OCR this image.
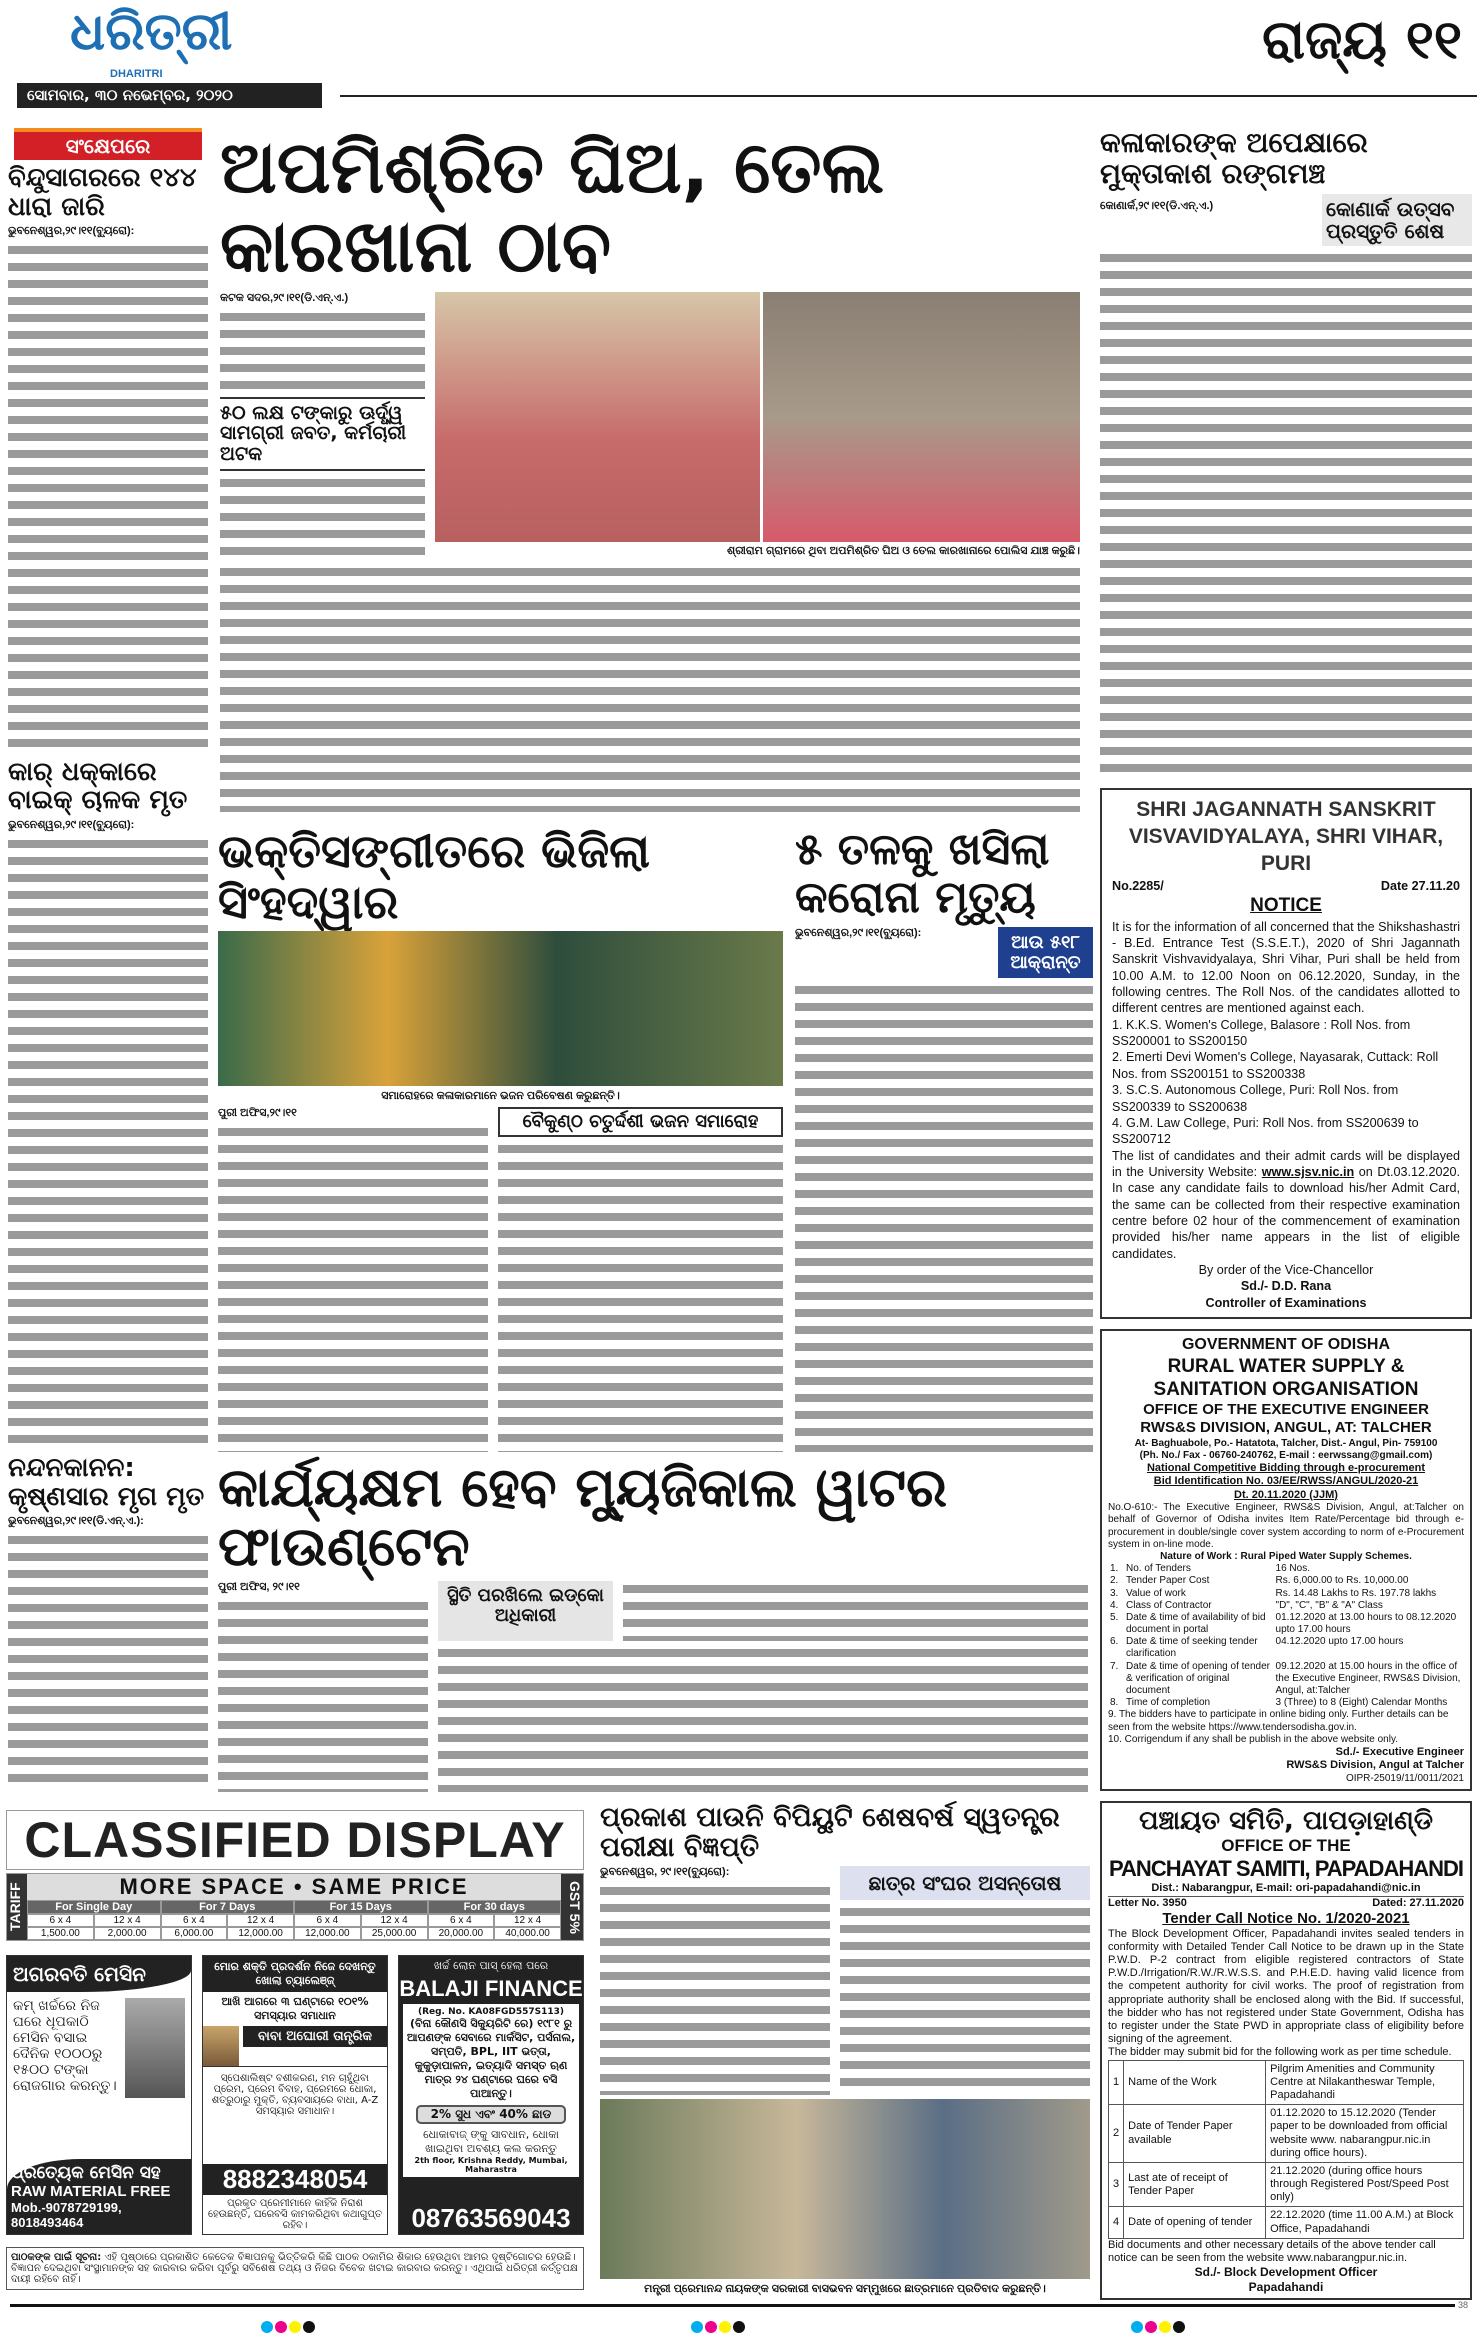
ଧରିତ୍ରୀ
DHARITRI
ସୋମବାର, ୩୦ ନଭେମ୍ବର, ୨୦୨୦
ରାଜ୍ୟ ୧୧
ସଂକ୍ଷେପରେ
ବିନ୍ଦୁସାଗରରେ ୧୪୪ ଧାରା ଜାରି
ଭୁବନେଶ୍ୱର,୨୯।୧୧(ବ୍ୟୁରୋ):
କାର୍ ଧକ୍କାରେ ବାଇକ୍ ଚାଳକ ମୃତ
ଭୁବନେଶ୍ୱର,୨୯।୧୧(ବ୍ୟୁରୋ):
ନନ୍ଦନକାନନ: କୃଷ୍ଣସାର ମୃଗ ମୃତ
ଭୁବନେଶ୍ୱର,୨୯।୧୧(ଡି.ଏନ୍.ଏ.):
ଅପମିଶ୍ରିତ ଘିଅ, ତେଲ କାରଖାନା ଠାବ
କଟକ ସଦର,୨୯।୧୧(ଡି.ଏନ୍.ଏ.)
୫୦ ଲକ୍ଷ ଟଙ୍କାରୁ ଊର୍ଦ୍ଧ୍ୱ ସାମଗ୍ରୀ ଜବତ, କର୍ମଚାରୀ ଅଟକ
ଶ୍ରୀରାମ ଗ୍ରାମରେ ଥିବା ଅପମିଶ୍ରିତ ଘିଅ ଓ ତେଲ କାରଖାନାରେ ପୋଲିସ ଯାଞ୍ଚ କରୁଛି।
କଳାକାରଙ୍କ ଅପେକ୍ଷାରେ ମୁକ୍ତାକାଶ ରଙ୍ଗମଞ୍ଚ
କୋଣାର୍କ,୨୯।୧୧(ଡି.ଏନ୍.ଏ.)	କୋଣାର୍କ ଉତ୍ସବ ପ୍ରସ୍ତୁତି ଶେଷ
SHRI JAGANNATH SANSKRIT
VISVAVIDYALAYA, SHRI VIHAR, PURI
No.2285/	Date 27.11.20
NOTICE
It is for the information of all concerned that the Shikshashastri - B.Ed. Entrance Test (S.S.E.T.), 2020 of Shri Jagannath Sanskrit Vishvavidyalaya, Shri Vihar, Puri shall be held from 10.00 A.M. to 12.00 Noon on 06.12.2020, Sunday, in the following centres. The Roll Nos. of the candidates allotted to different centres are mentioned against each.
1. K.K.S. Women's College, Balasore : Roll Nos. from SS200001 to SS200150
2. Emerti Devi Women's College, Nayasarak, Cuttack: Roll Nos. from SS200151 to SS200338
3. S.C.S. Autonomous College, Puri: Roll Nos. from SS200339 to SS200638
4. G.M. Law College, Puri: Roll Nos. from SS200639 to SS200712
The list of candidates and their admit cards will be displayed in the University Website: www.sjsv.nic.in on Dt.03.12.2020. In case any candidate fails to download his/her Admit Card, the same can be collected from their respective examination centre before 02 hour of the commencement of examination provided his/her name appears in the list of eligible candidates.
By order of the Vice-Chancellor
Sd./- D.D. Rana
Controller of Examinations
GOVERNMENT OF ODISHA
RURAL WATER SUPPLY &
SANITATION ORGANISATION
OFFICE OF THE EXECUTIVE ENGINEER
RWS&S DIVISION, ANGUL, AT: TALCHER
At- Baghuabole, Po.- Hatatota, Talcher, Dist.- Angul, Pin- 759100
(Ph. No./ Fax - 06760-240762, E-mail : eerwssang@gmail.com)
National Competitive Bidding through e-procurement
Bid Identification No. 03/EE/RWSS/ANGUL/2020-21
Dt. 20.11.2020 (JJM)
No.O-610:- The Executive Engineer, RWS&S Division, Angul, at:Talcher on behalf of Governor of Odisha invites Item Rate/Percentage bid through e-procurement in double/single cover system according to norm of e-Procurement system in on-line mode.
Nature of Work : Rural Piped Water Supply Schemes.
1.	No. of Tenders	16 Nos.
2.	Tender Paper Cost	Rs. 6,000.00 to Rs. 10,000.00
3.	Value of work	Rs. 14.48 Lakhs to Rs. 197.78 lakhs
4.	Class of Contractor	"D", "C", "B" & "A" Class
5.	Date & time of availability of bid document in portal	01.12.2020 at 13.00 hours to 08.12.2020 upto 17.00 hours
6.	Date & time of seeking tender clarification	04.12.2020 upto 17.00 hours
7.	Date & time of opening of tender & verification of original document	09.12.2020 at 15.00 hours in the office of the Executive Engineer, RWS&S Division, Angul, at:Talcher
8.	Time of completion	3 (Three) to 8 (Eight) Calendar Months
9. The bidders have to participate in online biding only. Further details can be seen from the website https://www.tendersodisha.gov.in.
10. Corrigendum if any shall be publish in the above website only.
Sd./- Executive Engineer
RWS&S Division, Angul at Talcher
OIPR-25019/11/0011/2021
ପଞ୍ଚାୟତ ସମିତି, ପାପଡ଼ାହାଣ୍ଡି
OFFICE OF THE
PANCHAYAT SAMITI, PAPADAHANDI
Dist.: Nabarangpur, E-mail: ori-papadahandi@nic.in
Letter No. 3950	Dated: 27.11.2020
Tender Call Notice No. 1/2020-2021
The Block Development Officer, Papadahandi invites sealed tenders in conformity with Detailed Tender Call Notice to be drawn up in the State P.W.D. P-2 contract from eligible registered contractors of State P.W.D./Irrigation/R.W./R.W.S.S. and P.H.E.D. having valid licence from the competent authority for civil works. The proof of registration from appropriate authority shall be enclosed along with the Bid. If successful, the bidder who has not registered under State Government, Odisha has to register under the State PWD in appropriate class of eligibility before signing of the agreement.
The bidder may submit bid for the following work as per time schedule.
1	Name of the Work	Pilgrim Amenities and Community Centre at Nilakantheswar Temple, Papadahandi
2	Date of Tender Paper available	01.12.2020 to 15.12.2020 (Tender paper to be downloaded from official website www. nabarangpur.nic.in during office hours).
3	Last ate of receipt of Tender Paper	21.12.2020 (during office hours through Registered Post/Speed Post only)
4	Date of opening of tender	22.12.2020 (time 11.00 A.M.) at Block Office, Papadahandi
Bid documents and other necessary details of the above tender call notice can be seen from the website www.nabarangpur.nic.in.
Sd./- Block Development Officer
Papadahandi
ଭକ୍ତିସଙ୍ଗୀତରେ ଭିଜିଲା ସିଂହଦ୍ୱାର
ସମାରୋହରେ କଳାକାରମାନେ ଭଜନ ପରିବେଷଣ କରୁଛନ୍ତି।
ପୁରୀ ଅଫିସ,୨୯।୧୧	ବୈକୁଣ୍ଠ ଚତୁର୍ଦ୍ଦଶୀ ଭଜନ ସମାରୋହ
୫ ତଳକୁ ଖସିଲା କରୋନା ମୃତ୍ୟୁ
ଭୁବନେଶ୍ୱର,୨୯।୧୧(ବ୍ୟୁରୋ):	ଆଉ ୫୧୮ ଆକ୍ରାନ୍ତ
କାର୍ଯ୍ୟକ୍ଷମ ହେବ ମ୍ୟୁଜିକାଲ ୱାଟର ଫାଉଣ୍ଟେନ
ପୁରୀ ଅଫିସ, ୨୯।୧୧	ସ୍ଥିତି ପରଖିଲେ ଇଡ୍‌କୋ ଅଧିକାରୀ
CLASSIFIED DISPLAY
TARIFF	MORE SPACE • SAME PRICE
For Single Day	For 7 Days	For 15 Days	For 30 days
6 x 4	12 x 4	6 x 4	12 x 4	6 x 4	12 x 4	6 x 4	12 x 4
1,500.00	2,000.00	6,000.00	12,000.00	12,000.00	25,000.00	20,000.00	40,000.00
GST 5%
ଅଗରବତି ମେସିନ
କମ୍ ଖର୍ଚ୍ଚରେ ନିଜ ଘରେ ଧୂପକାଠି ମେସିନ ବସାଇ ଦୈନିକ ୧୦୦୦ରୁ ୧୫୦୦ ଟଙ୍କା ରୋଜଗାର କରନ୍ତୁ।
ପ୍ରତ୍ୟେକ ମେସିନ ସହ
RAW MATERIAL FREE
Mob.-9078729199, 8018493464
ମୋର ଶକ୍ତି ପ୍ରଦର୍ଶନ ନିଜେ ଦେଖନ୍ତୁ ଖୋଲା ଚ୍ୟାଲେଞ୍ଜ୍
ଆଖି ଆଗରେ ୩ ଘଣ୍ଟାରେ ୧୦୧% ସମସ୍ୟାର ସମାଧାନ
ବାବା ଅଘୋରୀ ତାନ୍ତ୍ରିକ
ସ୍ପେଶାଲିଷ୍ଟ ବଶୀକରଣ, ମନ ଚାହୁଁଥିବା ପ୍ରେମ, ପ୍ରେମ ବିବାହ, ପ୍ରେମରେ ଧୋକା, ଶତ୍ରୁଠାରୁ ମୁକ୍ତି, ବ୍ୟବସାୟରେ ବାଧା, A-Z ସମସ୍ୟାର ସମାଧାନ।
8882348054
ପ୍ରକୃତ ପ୍ରେମୀମାନେ କାହିଁକି ନିରାଶ ହେଉଛନ୍ତି, ଘରେବସି କାମକରିଥିବା କଥାଗୁପ୍ତ ରହିବ।
ଖର୍ଚ୍ଚ ଲୋନ ପାସ୍ ହେଲା ପରେ
BALAJI FINANCE
(Reg. No. KA08FGD557S113)
(ବିନା କୌଣସି ସିକ୍ୟୁରିଟି ରେ) ୧୯୮୧ ରୁ ଆପଣଙ୍କ ସେବାରେ ମାର୍କସିଟ, ପର୍ସନାଲ, ସମ୍ପତି, BPL, IIT ଭତ୍ତା, କୁକୁଡ଼ାପାଳନ, ଇତ୍ୟାଦି ସମସ୍ତ ଋଣ ମାତ୍ର ୨୪ ଘଣ୍ଟାରେ ଘରେ ବସି ପାଆନ୍ତୁ।
2% ସୁଧ ଏବଂ 40% ଛାଡ
ଧୋକାବାଜ୍ ଙ୍କୁ ସାବଧାନ, ଧୋକା ଖାଇଥିବା ଅବଶ୍ୟ କଲ କରନ୍ତୁ
2th floor, Krishna Reddy, Mumbai, Maharastra
08763569043
ପାଠକଙ୍କ ପାଇଁ ସୂଚନା: ଏହି ପୃଷ୍ଠାରେ ପ୍ରକାଶିତ କେତେକ ବିଜ୍ଞାପନକୁ ଭିତ୍ତିକରି କିଛି ପାଠକ ଠକାମିର ଶିକାର ହେଉଥିବା ଆମର ଦୃଷ୍ଟିଗୋଚର ହେଉଛି। ବିଜ୍ଞାପନ ଦେଇଥିବା ସଂସ୍ଥାମାନଙ୍କ ସହ କାରବାର କରିବା ପୂର୍ବରୁ ସବିଶେଷ ତଥ୍ୟ ଓ ନିଜର ବିବେକ ଖଟାଇ କାରବାର କରନ୍ତୁ। ଏଥିପାଇଁ ଧରିତ୍ରୀ କର୍ତ୍ତୃପକ୍ଷ ଦାୟୀ ରହିବେ ନାହିଁ।
ପ୍ରକାଶ ପାଉନି ବିପିୟୁଟି ଶେଷବର୍ଷ ସ୍ୱତନ୍ତ୍ର ପରୀକ୍ଷା ବିଜ୍ଞପ୍ତି
ଭୁବନେଶ୍ୱର, ୨୯।୧୧(ବ୍ୟୁରୋ):	ଛାତ୍ର ସଂଘର ଅସନ୍ତୋଷ
ମନ୍ତ୍ରୀ ପ୍ରେମାନନ୍ଦ ନାୟକଙ୍କ ସରକାରୀ ବାସଭବନ ସମ୍ମୁଖରେ ଛାତ୍ରମାନେ ପ୍ରତିବାଦ କରୁଛନ୍ତି।
38
